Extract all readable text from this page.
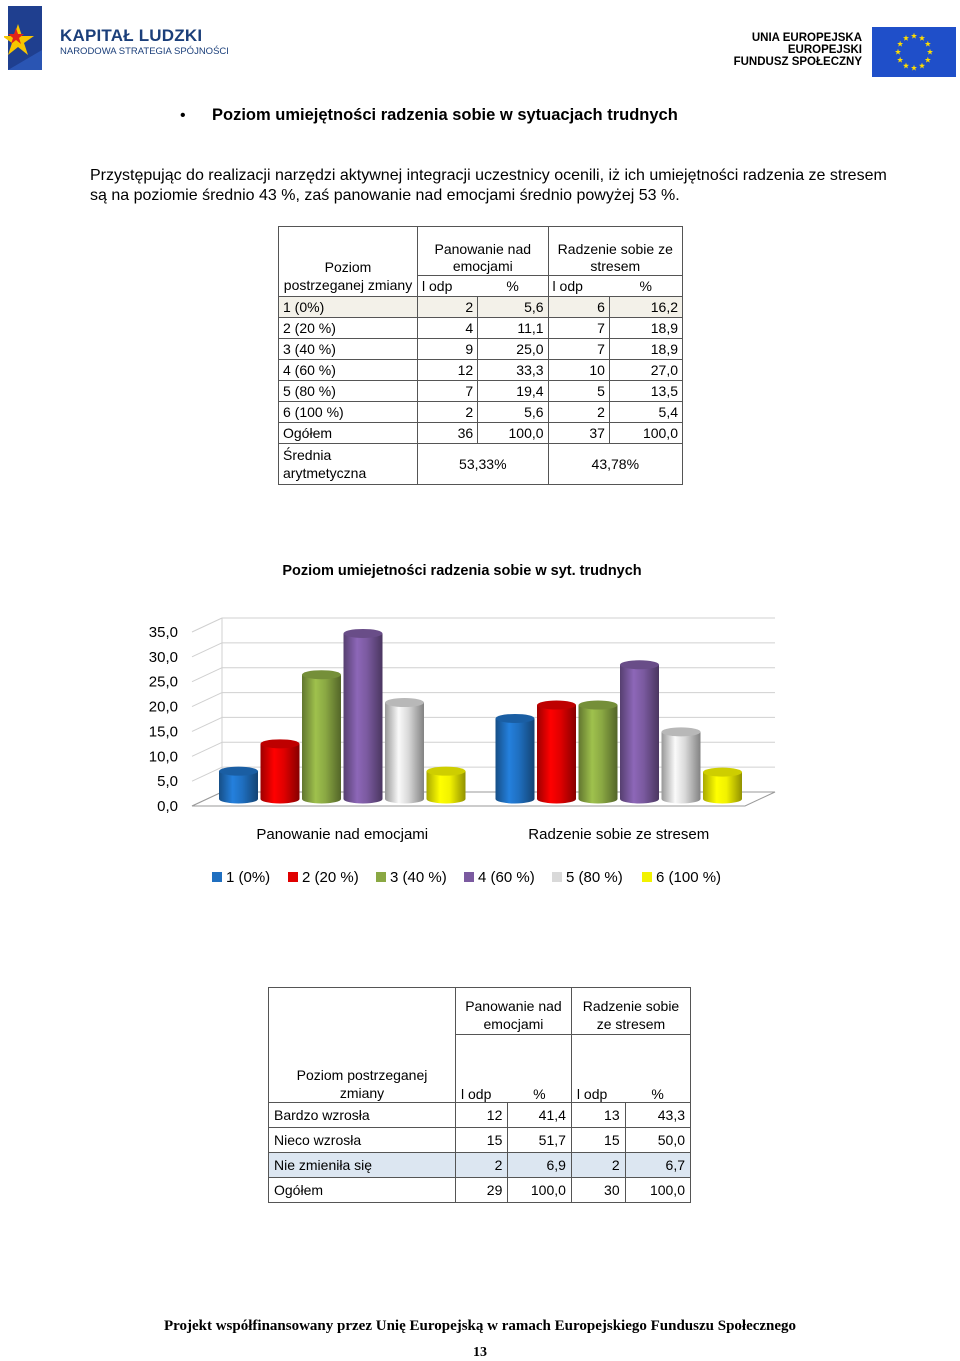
KAPITAŁ LUDZKI
NARODOWA STRATEGIA SPÓJNOŚCI
UNIA EUROPEJSKA
EUROPEJSKI
FUNDUSZ SPOŁECZNY
• Poziom umiejętności radzenia sobie w sytuacjach trudnych
Przystępując do realizacji narzędzi aktywnej integracji uczestnicy ocenili, iż ich umiejętności radzenia ze stresem są na poziomie średnio 43 %, zaś panowanie nad emocjami średnio powyżej 53 %.
Poziom postrzeganej zmiany	Panowanie nad emocjami		Radzenie sobie ze stresem	
	l odp	%	l odp	%
1 (0%)	2	5,6	6	16,2
2 (20 %)	4	11,1	7	18,9
3 (40 %)	9	25,0	7	18,9
4 (60 %)	12	33,3	10	27,0
5 (80 %)	7	19,4	5	13,5
6 (100 %)	2	5,6	2	5,4
Ogółem	36	100,0	37	100,0
Średnia arytmetyczna	53,33%		43,78%	
Poziom umiejetności radzenia sobie w syt. trudnych
35,0
30,0
25,0
20,0
15,0
10,0
5,0
0,0
Panowanie nad emocjami	Radzenie sobie ze stresem
1 (0%) 2 (20 %) 3 (40 %) 4 (60 %) 5 (80 %) 6 (100 %)
	Panowanie nad emocjami		Radzenie sobie ze stresem	
Poziom postrzeganej zmiany	l odp	%	l odp	%
Bardzo wzrosła	12	41,4	13	43,3
Nieco wzrosła	15	51,7	15	50,0
Nie zmieniła się	2	6,9	2	6,7
Ogółem	29	100,0	30	100,0
Projekt współfinansowany przez Unię Europejską w ramach Europejskiego Funduszu Społecznego
13
